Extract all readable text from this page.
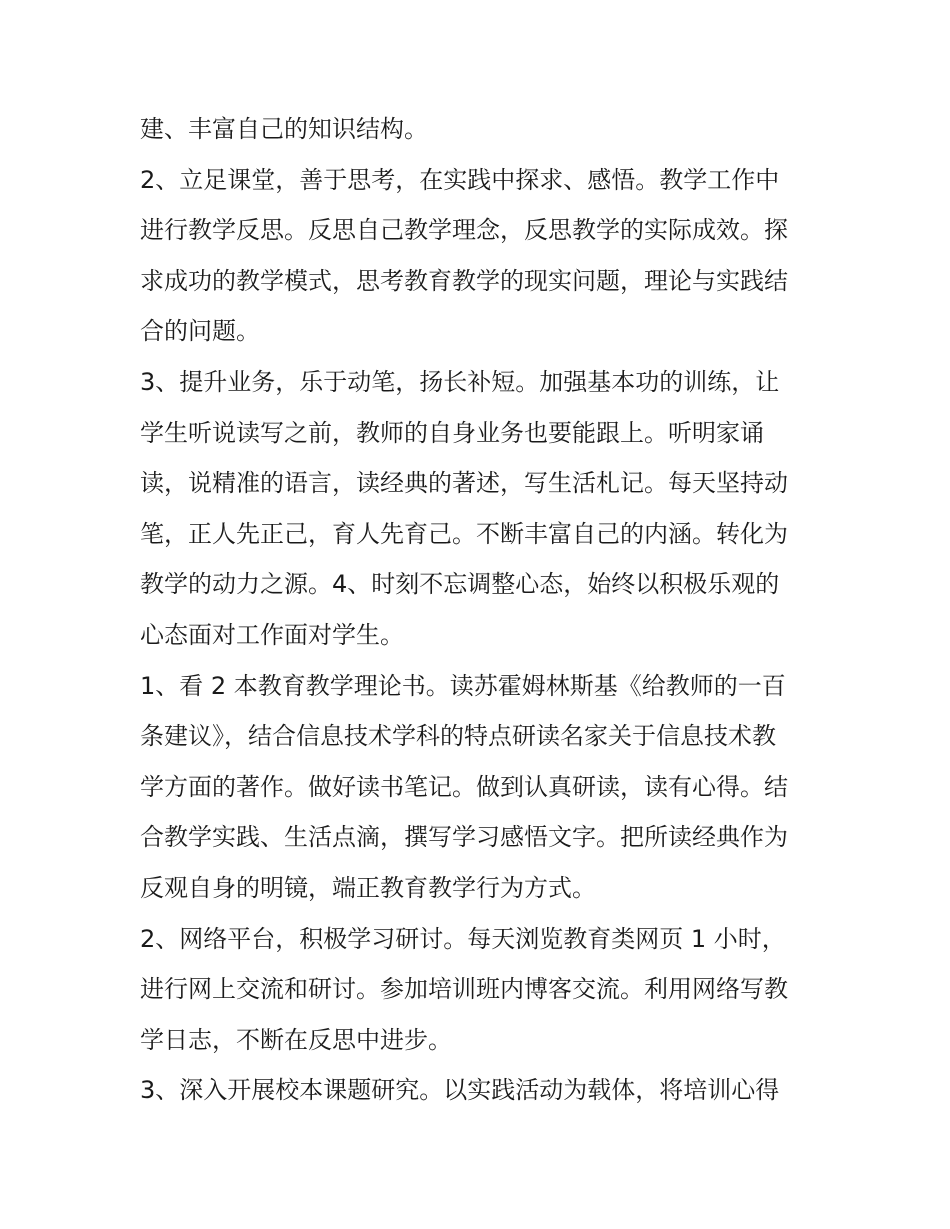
建、丰富自己的知识结构。
2、立足课堂，善于思考，在实践中探求、感悟。教学工作中
进行教学反思。反思自己教学理念，反思教学的实际成效。探
求成功的教学模式，思考教育教学的现实问题，理论与实践结
合的问题。
3、提升业务，乐于动笔，扬长补短。加强基本功的训练，让
学生听说读写之前，教师的自身业务也要能跟上。听明家诵
读，说精准的语言，读经典的著述，写生活札记。每天坚持动
笔，正人先正己，育人先育己。不断丰富自己的内涵。转化为
教学的动力之源。4、时刻不忘调整心态，始终以积极乐观的
心态面对工作面对学生。
1、看 2 本教育教学理论书。读苏霍姆林斯基《给教师的一百
条建议》，结合信息技术学科的特点研读名家关于信息技术教
学方面的著作。做好读书笔记。做到认真研读，读有心得。结
合教学实践、生活点滴，撰写学习感悟文字。把所读经典作为
反观自身的明镜，端正教育教学行为方式。
2、网络平台，积极学习研讨。每天浏览教育类网页 1 小时，
进行网上交流和研讨。参加培训班内博客交流。利用网络写教
学日志，不断在反思中进步。
3、深入开展校本课题研究。以实践活动为载体，将培训心得
